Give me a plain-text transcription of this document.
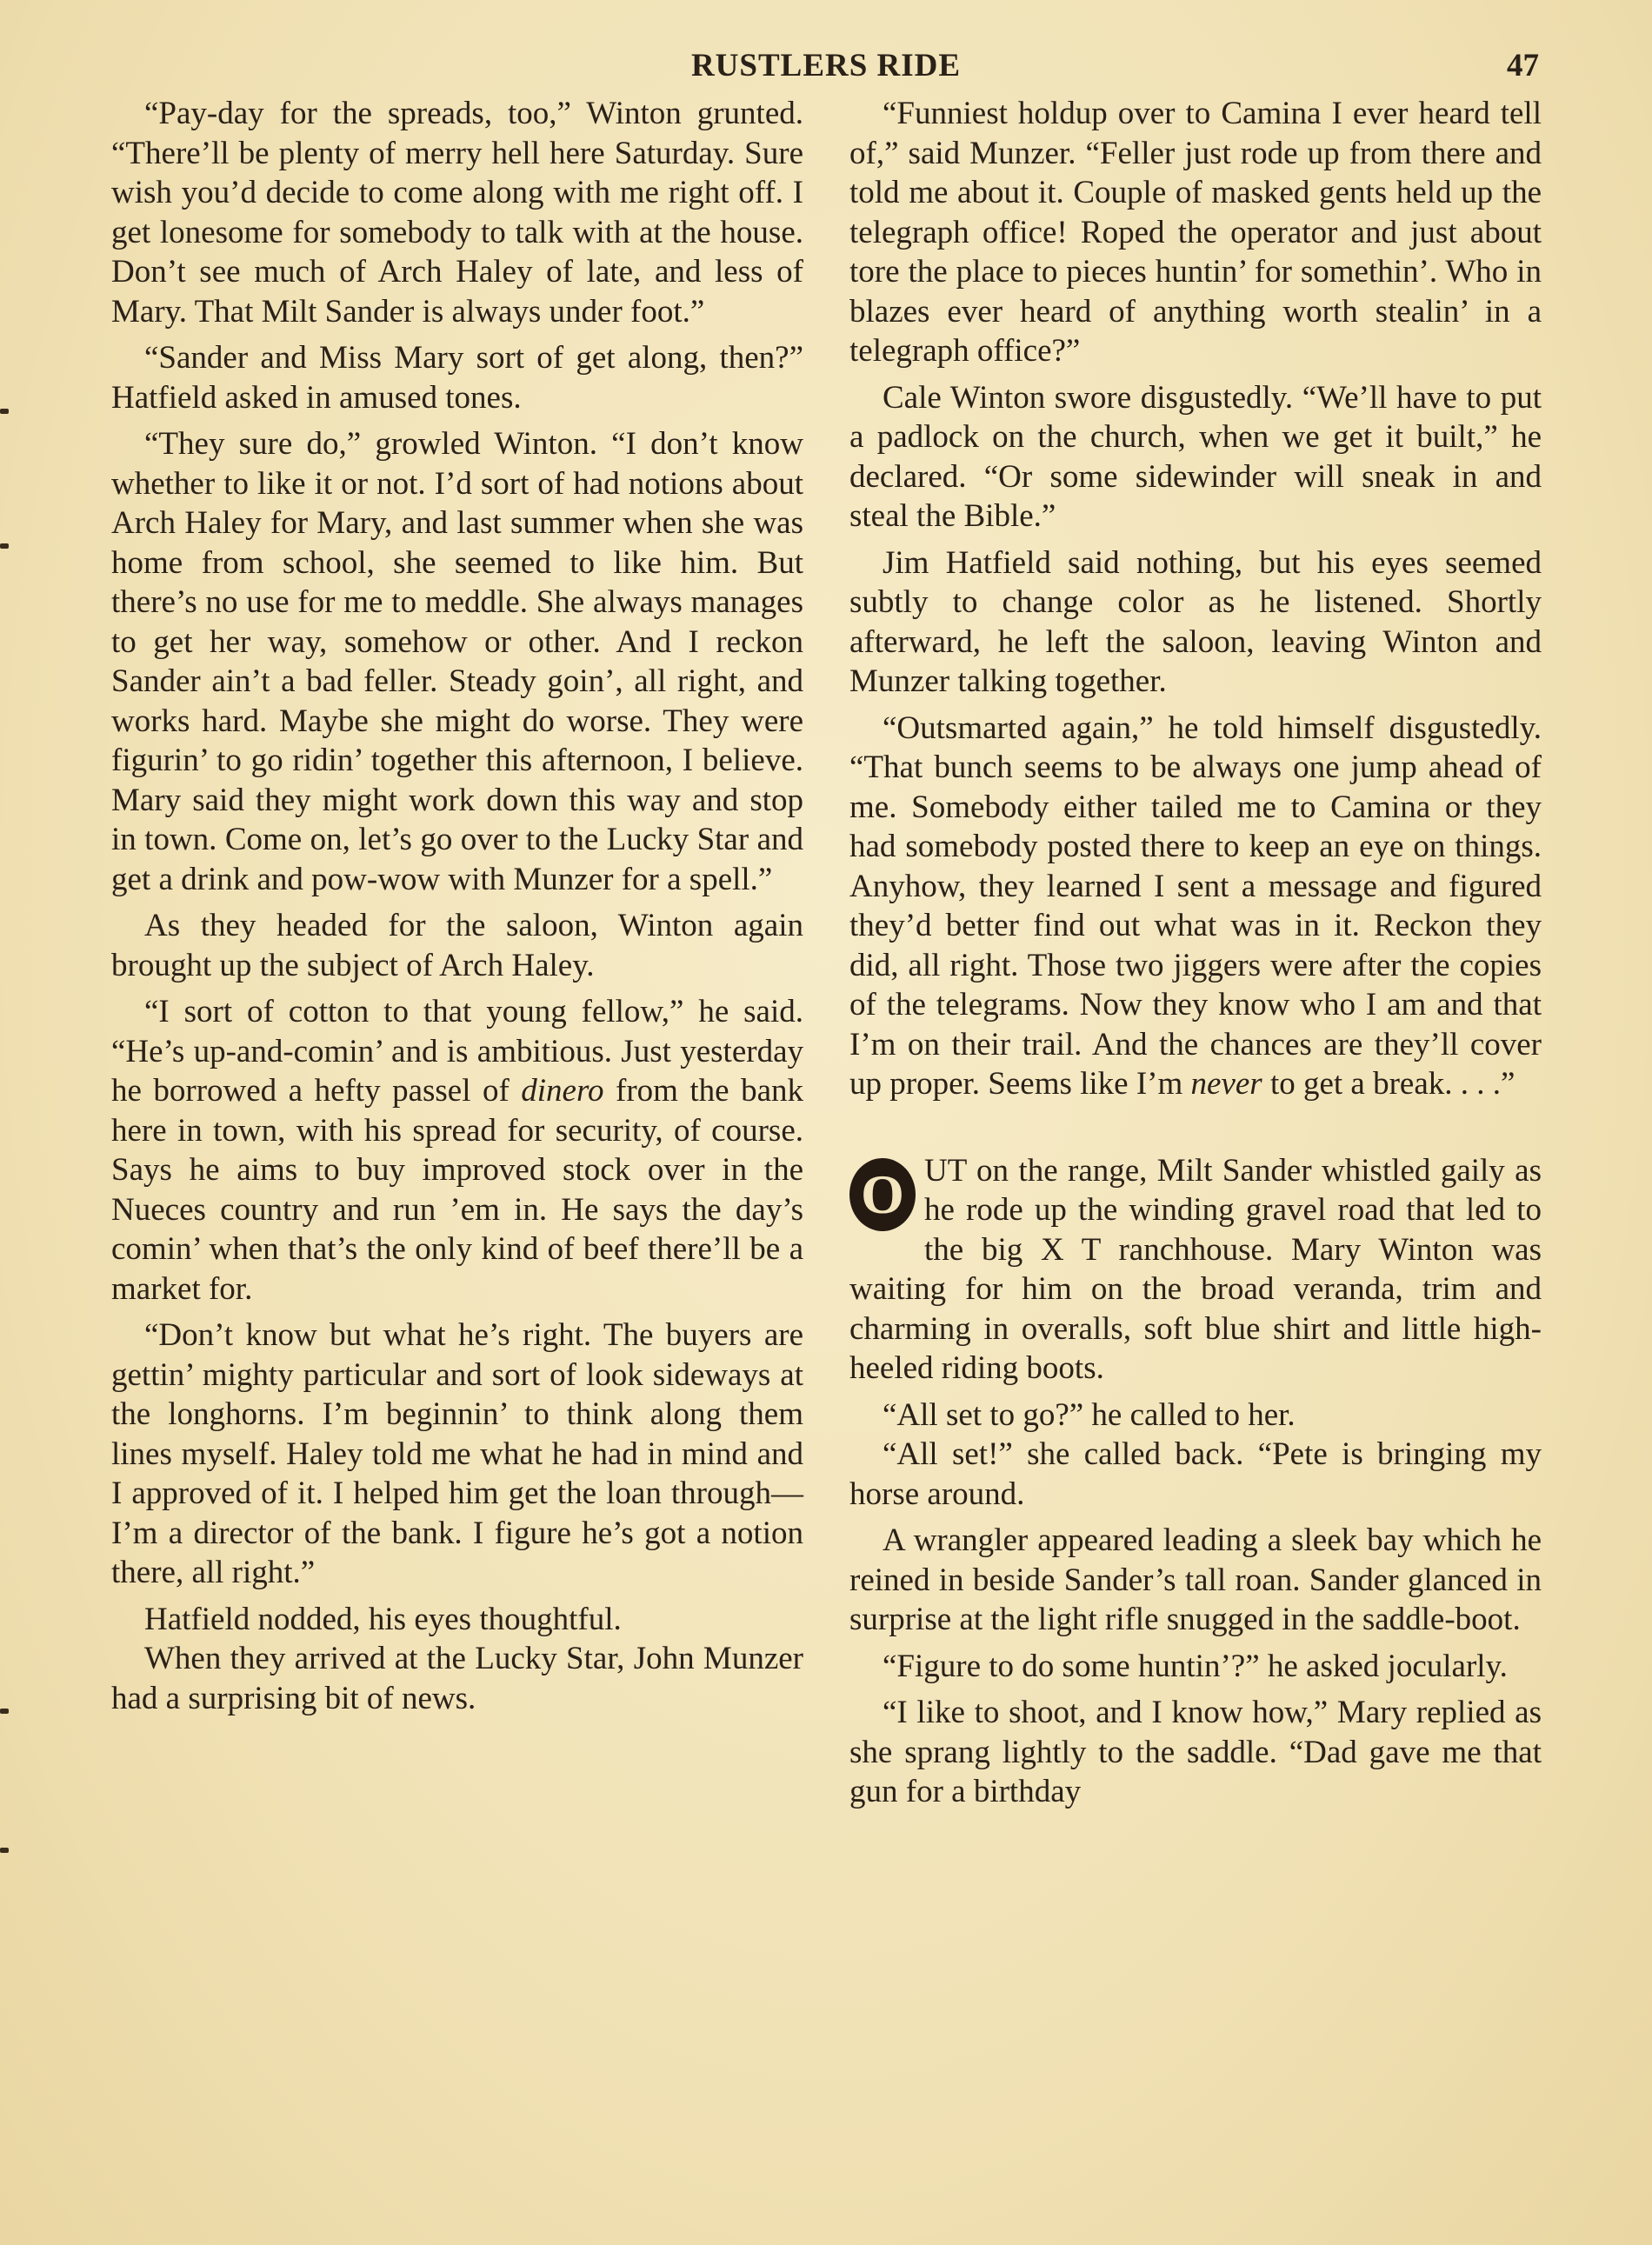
RUSTLERS RIDE	47

“Pay-day for the spreads, too,” Winton grunted. “There’ll be plenty of merry hell here Saturday. Sure wish you’d decide to come along with me right off. I get lonesome for somebody to talk with at the house. Don’t see much of Arch Haley of late, and less of Mary. That Milt Sander is always under foot.”

“Sander and Miss Mary sort of get along, then?” Hatfield asked in amused tones.

“They sure do,” growled Winton. “I don’t know whether to like it or not. I’d sort of had notions about Arch Haley for Mary, and last summer when she was home from school, she seemed to like him. But there’s no use for me to meddle. She always manages to get her way, somehow or other. And I reckon Sander ain’t a bad feller. Steady goin’, all right, and works hard. Maybe she might do worse. They were figurin’ to go ridin’ together this afternoon, I believe. Mary said they might work down this way and stop in town. Come on, let’s go over to the Lucky Star and get a drink and pow-wow with Munzer for a spell.”

As they headed for the saloon, Winton again brought up the subject of Arch Haley.

“I sort of cotton to that young fellow,” he said. “He’s up-and-comin’ and is ambitious. Just yesterday he borrowed a hefty passel of dinero from the bank here in town, with his spread for security, of course. Says he aims to buy improved stock over in the Nueces country and run ’em in. He says the day’s comin’ when that’s the only kind of beef there’ll be a market for.

“Don’t know but what he’s right. The buyers are gettin’ mighty particular and sort of look sideways at the longhorns. I’m beginnin’ to think along them lines myself. Haley told me what he had in mind and I approved of it. I helped him get the loan through—I’m a director of the bank. I figure he’s got a notion there, all right.”

Hatfield nodded, his eyes thoughtful.

When they arrived at the Lucky Star, John Munzer had a surprising bit of news.

“Funniest holdup over to Camina I ever heard tell of,” said Munzer. “Feller just rode up from there and told me about it. Couple of masked gents held up the telegraph office! Roped the operator and just about tore the place to pieces huntin’ for somethin’. Who in blazes ever heard of anything worth stealin’ in a telegraph office?”

Cale Winton swore disgustedly. “We’ll have to put a padlock on the church, when we get it built,” he declared. “Or some sidewinder will sneak in and steal the Bible.”

Jim Hatfield said nothing, but his eyes seemed subtly to change color as he listened. Shortly afterward, he left the saloon, leaving Winton and Munzer talking together.

“Outsmarted again,” he told himself disgustedly. “That bunch seems to be always one jump ahead of me. Somebody either tailed me to Camina or they had somebody posted there to keep an eye on things. Anyhow, they learned I sent a message and figured they’d better find out what was in it. Reckon they did, all right. Those two jiggers were after the copies of the telegrams. Now they know who I am and that I’m on their trail. And the chances are they’ll cover up proper. Seems like I’m never to get a break. . . .”

O UT on the range, Milt Sander whistled gaily as he rode up the winding gravel road that led to the big X T ranchhouse. Mary Winton was waiting for him on the broad veranda, trim and charming in overalls, soft blue shirt and little high-heeled riding boots.

“All set to go?” he called to her.

“All set!” she called back. “Pete is bringing my horse around.

A wrangler appeared leading a sleek bay which he reined in beside Sander’s tall roan. Sander glanced in surprise at the light rifle snugged in the saddle-boot.

“Figure to do some huntin’?” he asked jocularly.

“I like to shoot, and I know how,” Mary replied as she sprang lightly to the saddle. “Dad gave me that gun for a birthday
